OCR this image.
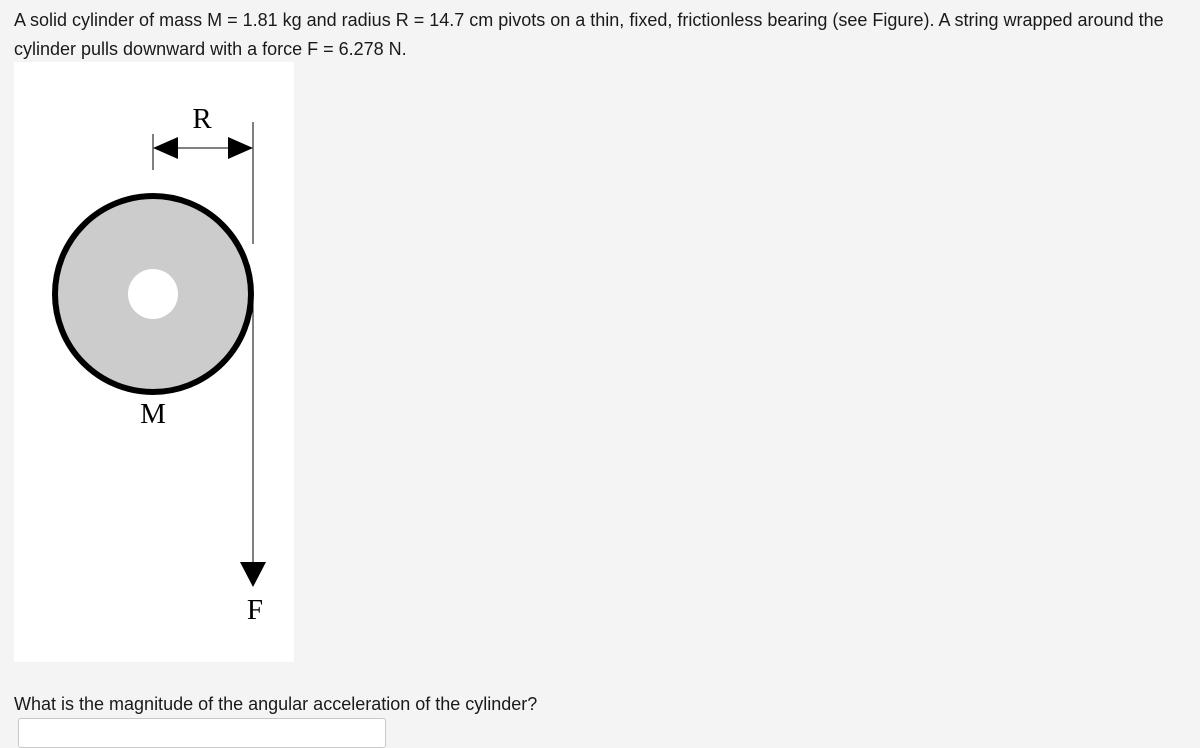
A solid cylinder of mass M = 1.81 kg and radius R = 14.7 cm pivots on a thin, fixed, frictionless bearing (see Figure). A string wrapped around the cylinder pulls downward with a force F = 6.278 N.

R
M
F

What is the magnitude of the angular acceleration of the cylinder?
